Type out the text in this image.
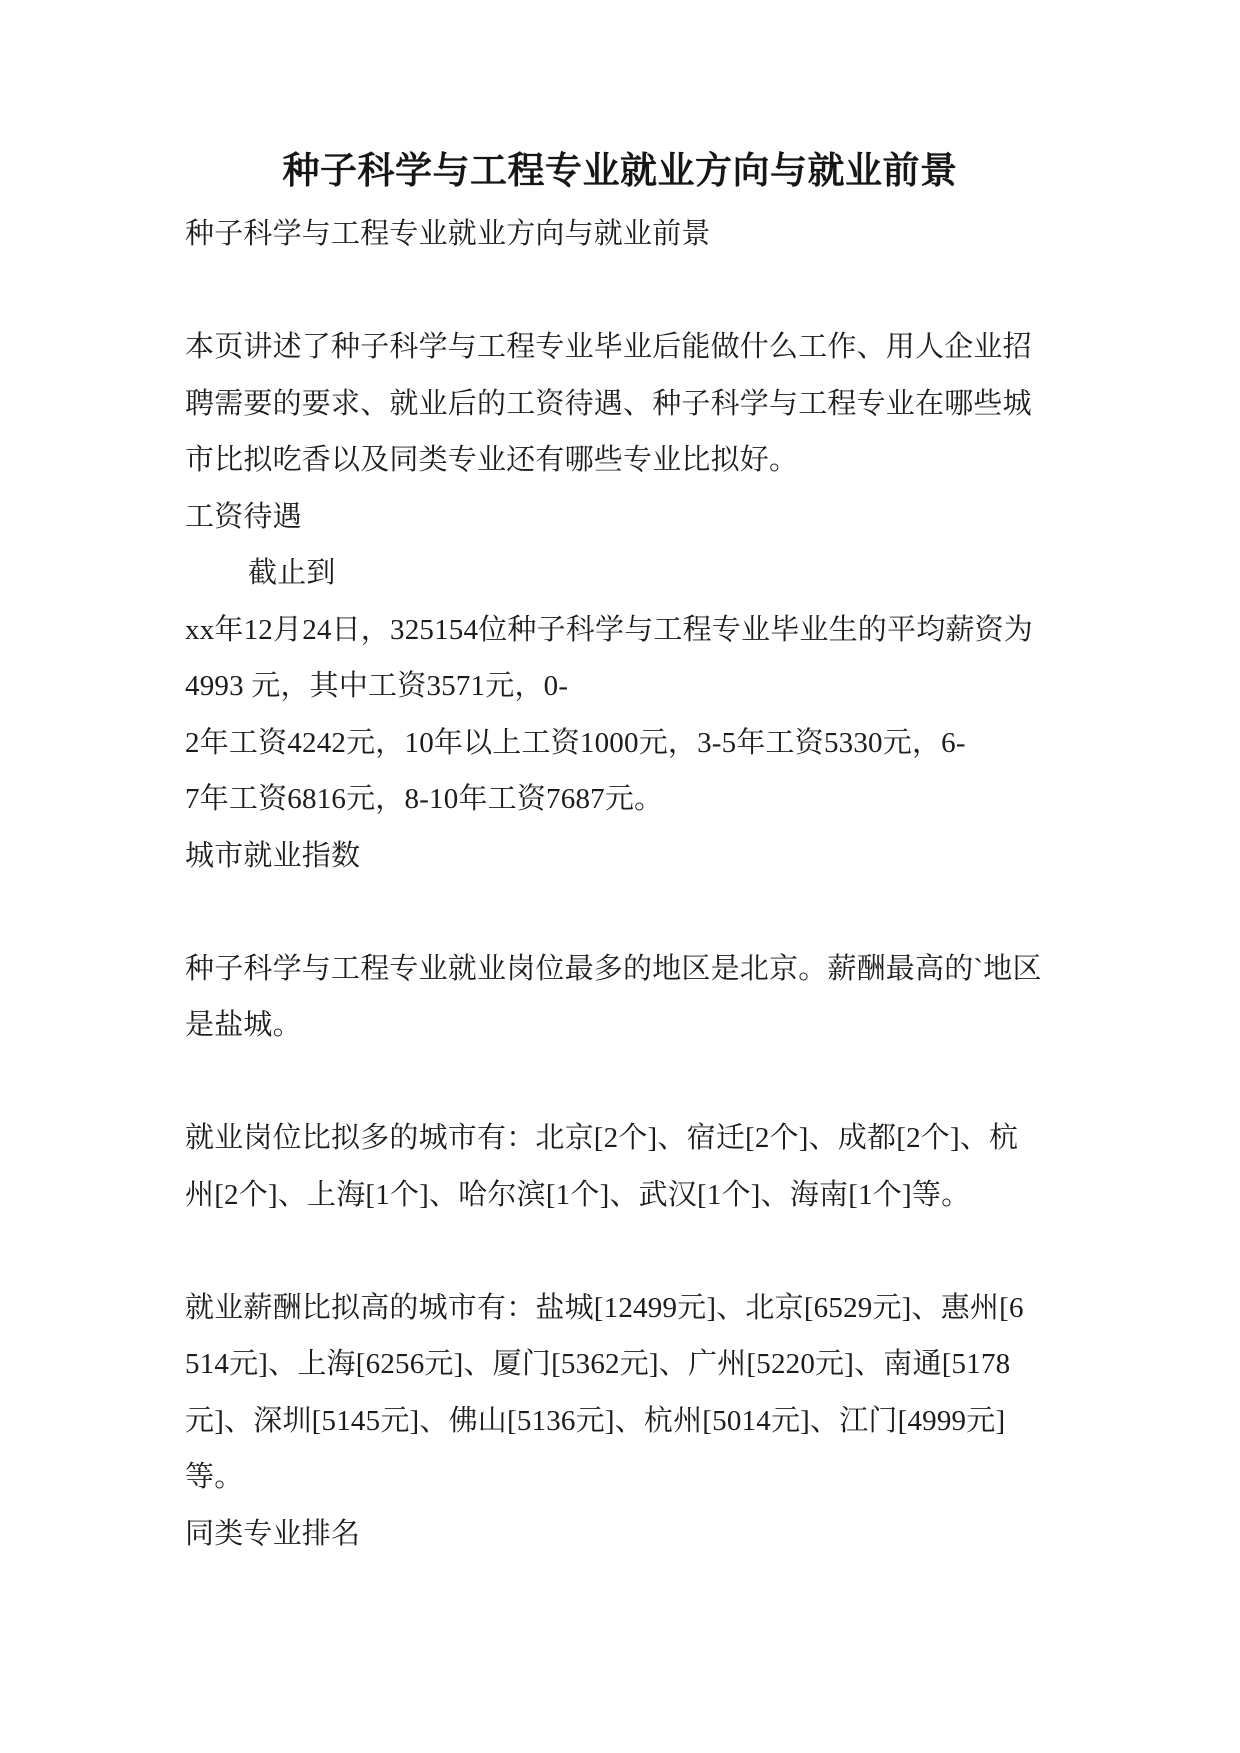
种子科学与工程专业就业方向与就业前景
种子科学与工程专业就业方向与就业前景
本页讲述了种子科学与工程专业毕业后能做什么工作、用人企业招
聘需要的要求、就业后的工资待遇、种子科学与工程专业在哪些城
市比拟吃香以及同类专业还有哪些专业比拟好。
工资待遇
截止到
xx年12月24日，325154位种子科学与工程专业毕业生的平均薪资为
4993 元，其中工资3571元，0-
2年工资4242元，10年以上工资1000元，3-5年工资5330元，6-
7年工资6816元，8-10年工资7687元。
城市就业指数
种子科学与工程专业就业岗位最多的地区是北京。薪酬最高的`地区
是盐城。
就业岗位比拟多的城市有：北京[2个]、宿迁[2个]、成都[2个]、杭
州[2个]、上海[1个]、哈尔滨[1个]、武汉[1个]、海南[1个]等。
就业薪酬比拟高的城市有：盐城[12499元]、北京[6529元]、惠州[6
514元]、上海[6256元]、厦门[5362元]、广州[5220元]、南通[5178
元]、深圳[5145元]、佛山[5136元]、杭州[5014元]、江门[4999元]
等。
同类专业排名
